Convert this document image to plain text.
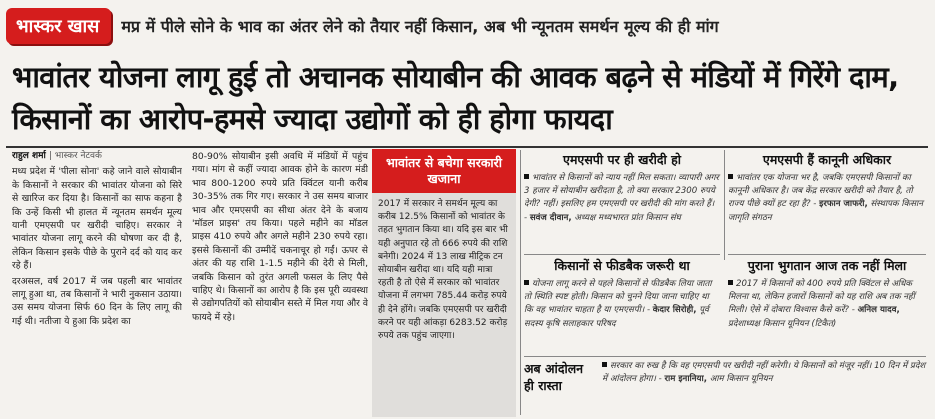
भास्कर खास	मप्र में पीले सोने के भाव का अंतर लेने को तैयार नहीं किसान, अब भी न्यूनतम समर्थन मूल्य की ही मांग
भावांतर योजना लागू हुई तो अचानक सोयाबीन की आवक बढ़ने से मंडियों में गिरेंगे दाम, किसानों का आरोप-हमसे ज्यादा उद्योगों को ही होगा फायदा

राहुल शर्मा | भास्कर नेटवर्क

मध्य प्रदेश में 'पीला सोना' कहे जाने वाले सोयाबीन के किसानों ने सरकार की भावांतर योजना को सिरे से खारिज कर दिया है। किसानों का साफ कहना है कि उन्हें किसी भी हालत में न्यूनतम समर्थन मूल्य यानी एमएसपी पर खरीदी चाहिए। सरकार ने भावांतर योजना लागू करने की घोषणा कर दी है, लेकिन किसान इसके पीछे के पुराने दर्द को याद कर रहे हैं।

दरअसल, वर्ष 2017 में जब पहली बार भावांतर लागू हुआ था, तब किसानों ने भारी नुकसान उठाया। उस समय योजना सिर्फ 60 दिन के लिए लागू की गई थी। नतीजा ये हुआ कि प्रदेश का

80-90% सोयाबीन इसी अवधि में मंडियों में पहुंच गया। मांग से कहीं ज्यादा आवक होने के कारण मंडी भाव 800-1200 रुपये प्रति क्विंटल यानी करीब 30-35% तक गिर गए। सरकार ने उस समय बाजार भाव और एमएसपी का सीधा अंतर देने के बजाय 'मॉडल प्राइस' तय किया। पहले महीने का मॉडल प्राइस 410 रुपये और अगले महीने 230 रुपये रहा। इससे किसानों की उम्मीदें चकनाचूर हो गईं। ऊपर से अंतर की यह राशि 1-1.5 महीने की देरी से मिली, जबकि किसान को तुरंत अगली फसल के लिए पैसे चाहिए थे। किसानों का आरोप है कि इस पूरी व्यवस्था से उद्योगपतियों को सोयाबीन सस्ते में मिल गया और वे फायदे में रहे।

भावांतर से बचेगा सरकारी खजाना
2017 में सरकार ने समर्थन मूल्य का करीब 12.5% किसानों को भावांतर के तहत भुगतान किया था। यदि इस बार भी यही अनुपात रहे तो 666 रुपये की राशि बनेगी। 2024 में 13 लाख मीट्रिक टन सोयाबीन खरीदा था। यदि यही मात्रा रहती है तो ऐसे में सरकार को भावांतर योजना में लगभग 785.44 करोड़ रुपये ही देने होंगे। जबकि एमएसपी पर खरीदी करने पर यही आंकड़ा 6283.52 करोड़ रुपये तक पहुंच जाएगा।
एमएसपी पर ही खरीदी हो
भावांतर से किसानों को न्याय नहीं मिल सकता। व्यापारी अगर 3 हजार में सोयाबीन खरीदता है, तो क्या सरकार 2300 रुपये देगी? नहीं। इसलिए हम एमएसपी पर खरीदी की मांग करते हैं। - सवंज दीवान, अध्यक्ष मध्यभारत प्रांत किसान संघ
एमएसपी हैं कानूनी अधिकार
भावांतर एक योजना भर है, जबकि एमएसपी किसानों का कानूनी अधिकार है। जब केंद्र सरकार खरीदी को तैयार है, तो राज्य पीछे क्यों हट रहा है? - इरफान जाफरी, संस्थापक किसान जागृति संगठन
किसानों से फीडबैक जरूरी था
योजना लागू करने से पहले किसानों से फीडबैक लिया जाता तो स्थिति स्पष्ट होती। किसान को चुनने दिया जाना चाहिए था कि वह भावांतर चाहता है या एमएसपी। - केदार सिरोही, पूर्व सदस्य कृषि सलाहकार परिषद
पुराना भुगतान आज तक नहीं मिला
2017 में किसानों को 400 रुपये प्रति क्विंटल से अधिक मिलना था, लेकिन हजारों किसानों को यह राशि अब तक नहीं मिली। ऐसे में दोबारा विश्वास कैसे करें? - अनिल यादव, प्रदेशाध्यक्ष किसान यूनियन (टिकैत)
अब आंदोलन ही रास्ता
सरकार का रुख है कि वह एमएसपी पर खरीदी नहीं करेगी। ये किसानों को मंजूर नहीं। 10 दिन में प्रदेश में आंदोलन होगा। - राम इनानिया, आम किसान यूनियन
